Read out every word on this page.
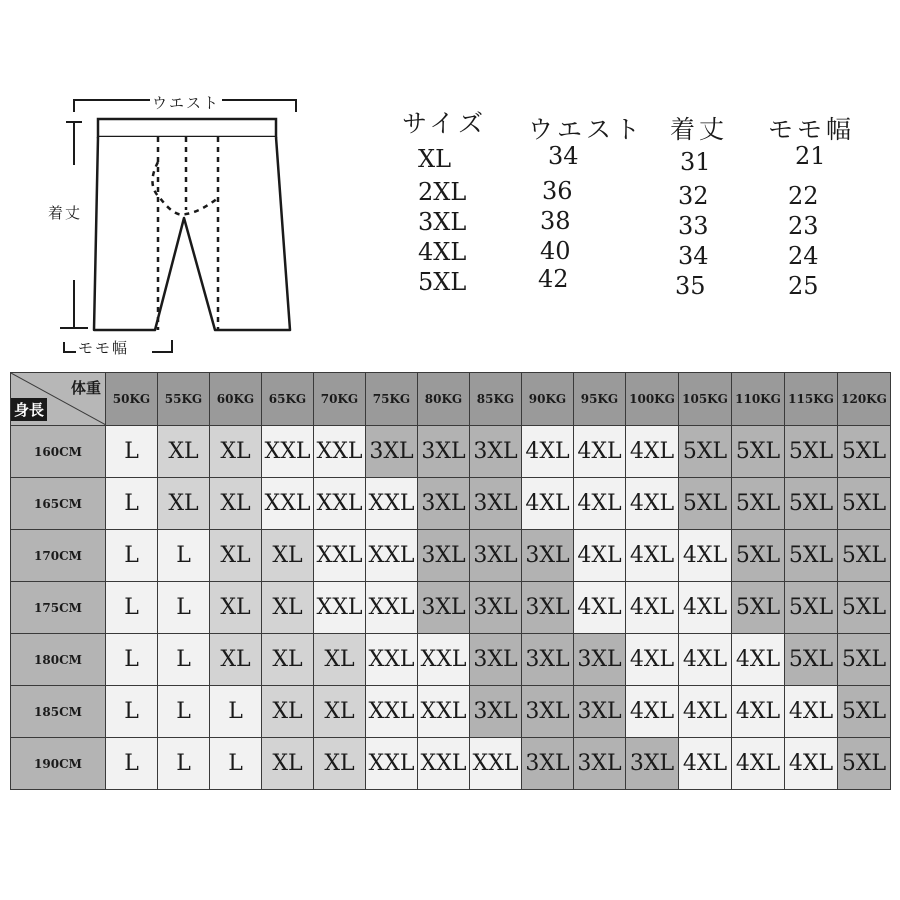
ウエスト
着丈
モモ幅
サイズ ウエスト 着丈 モモ幅
XL	34	31	21
2XL	36	32	22
3XL	38	33	23
4XL	40	34	24
5XL	42	35	25
体重
身長	50KG	55KG	60KG	65KG	70KG	75KG	80KG	85KG	90KG	95KG	100KG	105KG	110KG	115KG	120KG
160CM	L	XL	XL	XXL	XXL	3XL	3XL	3XL	4XL	4XL	4XL	5XL	5XL	5XL	5XL
165CM	L	XL	XL	XXL	XXL	XXL	3XL	3XL	4XL	4XL	4XL	5XL	5XL	5XL	5XL
170CM	L	L	XL	XL	XXL	XXL	3XL	3XL	3XL	4XL	4XL	4XL	5XL	5XL	5XL
175CM	L	L	XL	XL	XXL	XXL	3XL	3XL	3XL	4XL	4XL	4XL	5XL	5XL	5XL
180CM	L	L	XL	XL	XL	XXL	XXL	3XL	3XL	3XL	4XL	4XL	4XL	5XL	5XL
185CM	L	L	L	XL	XL	XXL	XXL	3XL	3XL	3XL	4XL	4XL	4XL	4XL	5XL
190CM	L	L	L	XL	XL	XXL	XXL	XXL	3XL	3XL	3XL	4XL	4XL	4XL	5XL
